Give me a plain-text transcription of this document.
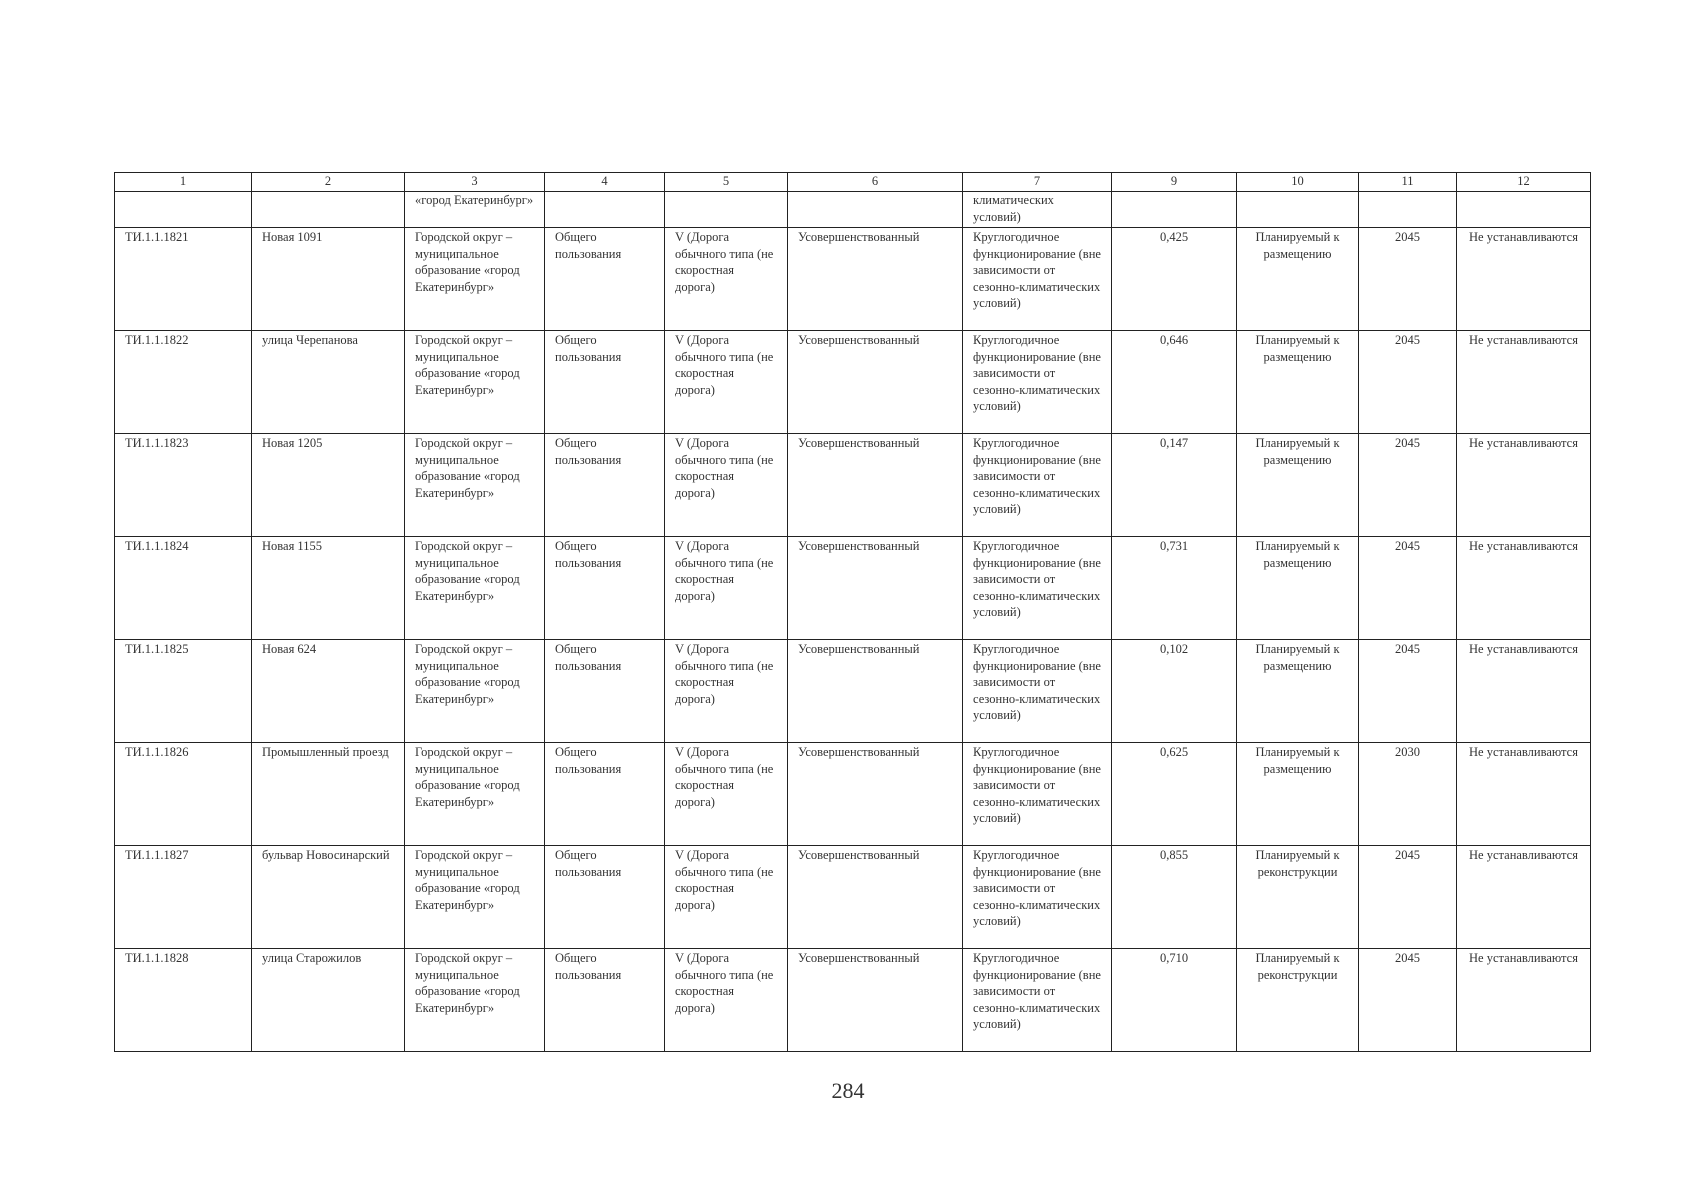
1	2	3	4	5	6	7	9	10	11	12
		«город Екатеринбург»				климатических условий)				
ТИ.1.1.1821	Новая 1091	Городской округ – муниципальное образование «город Екатеринбург»	Общего пользования	V (Дорога обычного типа (не скоростная дорога)	Усовершенствованный	Круглогодичное функционирование (вне зависимости от сезонно-климатических условий)	0,425	Планируемый к размещению	2045	Не устанавливаются
ТИ.1.1.1822	улица Черепанова	Городской округ – муниципальное образование «город Екатеринбург»	Общего пользования	V (Дорога обычного типа (не скоростная дорога)	Усовершенствованный	Круглогодичное функционирование (вне зависимости от сезонно-климатических условий)	0,646	Планируемый к размещению	2045	Не устанавливаются
ТИ.1.1.1823	Новая 1205	Городской округ – муниципальное образование «город Екатеринбург»	Общего пользования	V (Дорога обычного типа (не скоростная дорога)	Усовершенствованный	Круглогодичное функционирование (вне зависимости от сезонно-климатических условий)	0,147	Планируемый к размещению	2045	Не устанавливаются
ТИ.1.1.1824	Новая 1155	Городской округ – муниципальное образование «город Екатеринбург»	Общего пользования	V (Дорога обычного типа (не скоростная дорога)	Усовершенствованный	Круглогодичное функционирование (вне зависимости от сезонно-климатических условий)	0,731	Планируемый к размещению	2045	Не устанавливаются
ТИ.1.1.1825	Новая 624	Городской округ – муниципальное образование «город Екатеринбург»	Общего пользования	V (Дорога обычного типа (не скоростная дорога)	Усовершенствованный	Круглогодичное функционирование (вне зависимости от сезонно-климатических условий)	0,102	Планируемый к размещению	2045	Не устанавливаются
ТИ.1.1.1826	Промышленный проезд	Городской округ – муниципальное образование «город Екатеринбург»	Общего пользования	V (Дорога обычного типа (не скоростная дорога)	Усовершенствованный	Круглогодичное функционирование (вне зависимости от сезонно-климатических условий)	0,625	Планируемый к размещению	2030	Не устанавливаются
ТИ.1.1.1827	бульвар Новосинарский	Городской округ – муниципальное образование «город Екатеринбург»	Общего пользования	V (Дорога обычного типа (не скоростная дорога)	Усовершенствованный	Круглогодичное функционирование (вне зависимости от сезонно-климатических условий)	0,855	Планируемый к реконструкции	2045	Не устанавливаются
ТИ.1.1.1828	улица Старожилов	Городской округ – муниципальное образование «город Екатеринбург»	Общего пользования	V (Дорога обычного типа (не скоростная дорога)	Усовершенствованный	Круглогодичное функционирование (вне зависимости от сезонно-климатических условий)	0,710	Планируемый к реконструкции	2045	Не устанавливаются
284
